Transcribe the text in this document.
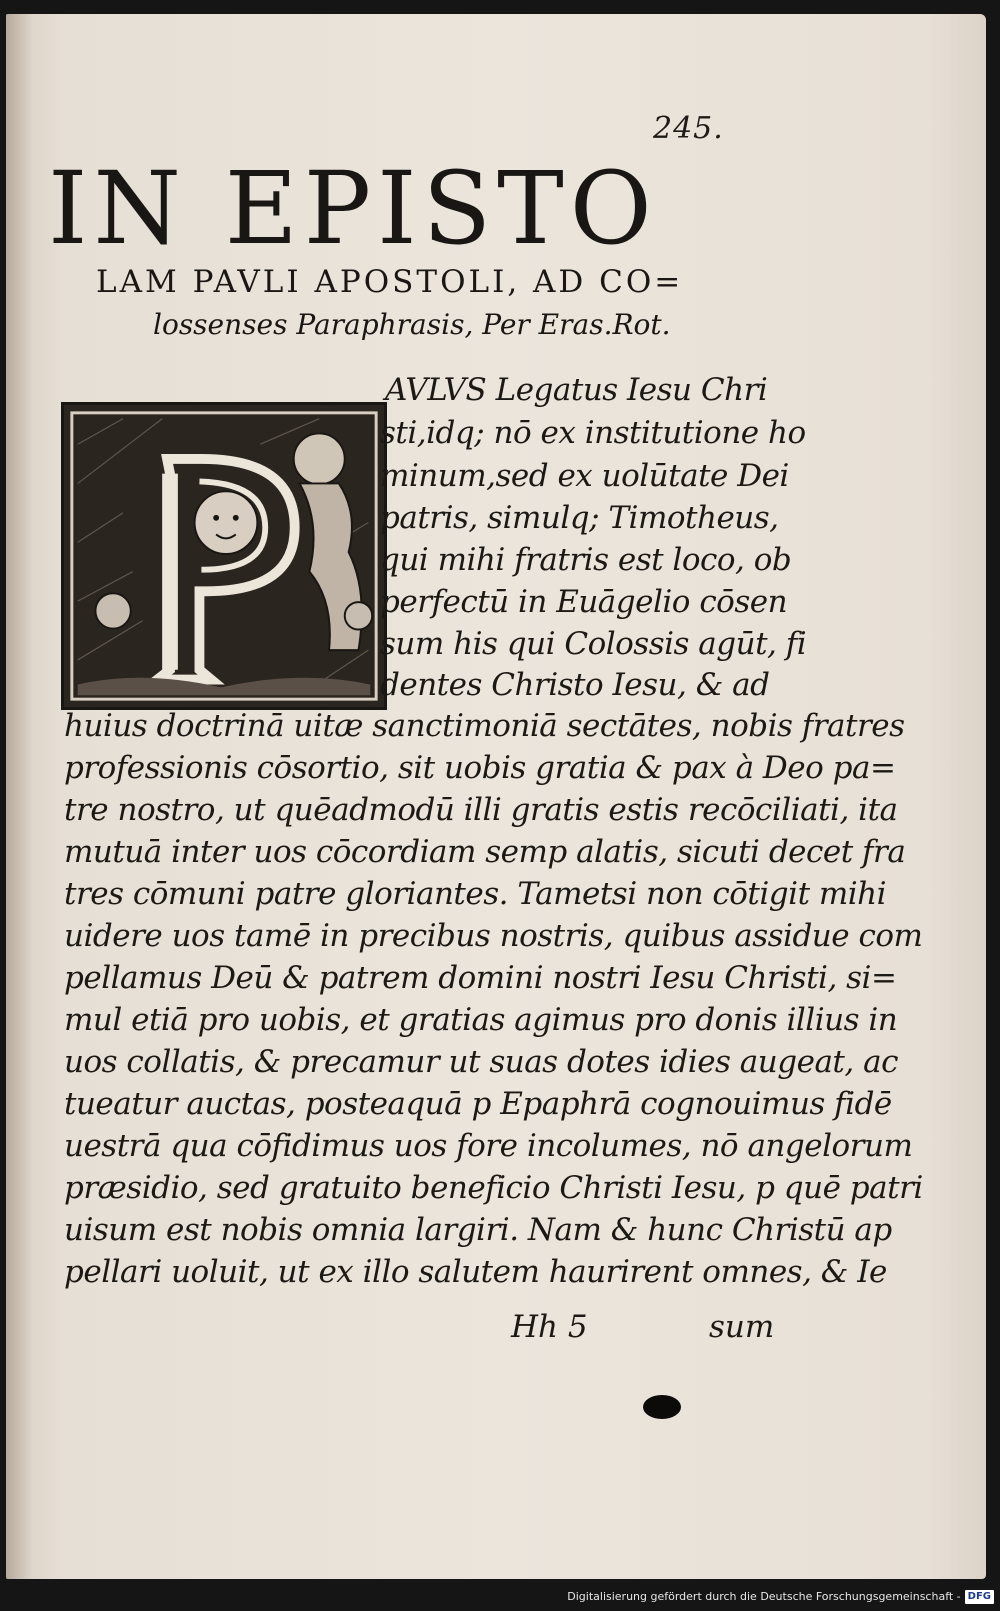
245.
IN EPISTO
LAM PAVLI APOSTOLI, AD CO=
lossenses Paraphrasis, Per Eras.Rot.
AVLVS Legatus Iesu Chri
sti,idq; nō ex institutione ho
minum,sed ex uolūtate Dei
patris, simulq; Timotheus,
qui mihi fratris est loco, ob
perfectū in Euāgelio cōsen
sum his qui Colossis agūt, fi
dentes Christo Iesu, & ad
huius doctrinā uitæ sanctimoniā sectātes, nobis fratres
professionis cōsortio, sit uobis gratia & pax à Deo pa=
tre nostro, ut quēadmodū illi gratis estis recōciliati, ita
mutuā inter uos cōcordiam semp alatis, sicuti decet fra
tres cōmuni patre gloriantes. Tametsi non cōtigit mihi
uidere uos tamē in precibus nostris, quibus assidue com
pellamus Deū & patrem domini nostri Iesu Christi, si=
mul etiā pro uobis, et gratias agimus pro donis illius in
uos collatis, & precamur ut suas dotes idies augeat, ac
tueatur auctas, posteaquā p Epaphrā cognouimus fidē
uestrā qua cōfidimus uos fore incolumes, nō angelorum
præsidio, sed gratuito beneficio Christi Iesu, p quē patri
uisum est nobis omnia largiri. Nam & hunc Christū ap
pellari uoluit, ut ex illo salutem haurirent omnes, & Ie
Hh 5	sum
Digitalisierung gefördert durch die Deutsche Forschungsgemeinschaft - DFG
